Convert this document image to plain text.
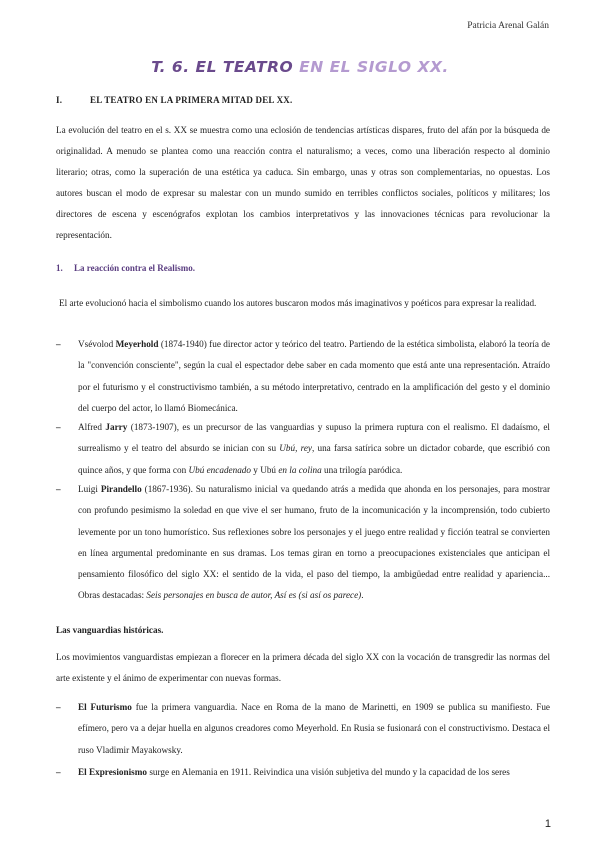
Patricia Arenal Galán
T. 6. EL TEATRO EN EL SIGLO XX.
I.	EL TEATRO EN LA PRIMERA MITAD DEL XX.

La evolución del teatro en el s. XX se muestra como una eclosión de tendencias artísticas dispares, fruto del afán por la búsqueda de originalidad. A menudo se plantea como una reacción contra el naturalismo; a veces, como una liberación respecto al dominio literario; otras, como la superación de una estética ya caduca. Sin embargo, unas y otras son complementarias, no opuestas. Los autores buscan el modo de expresar su malestar con un mundo sumido en terribles conflictos sociales, políticos y militares; los directores de escena y escenógrafos explotan los cambios interpretativos y las innovaciones técnicas para revolucionar la representación.

1. La reacción contra el Realismo.

El arte evolucionó hacia el simbolismo cuando los autores buscaron modos más imaginativos y poéticos para expresar la realidad.

– Vsévolod Meyerhold (1874-1940) fue director actor y teórico del teatro. Partiendo de la estética simbolista, elaboró la teoría de la "convención consciente", según la cual el espectador debe saber en cada momento que está ante una representación. Atraído por el futurismo y el constructivismo también, a su método interpretativo, centrado en la amplificación del gesto y el dominio del cuerpo del actor, lo llamó Biomecánica.
– Alfred Jarry (1873-1907), es un precursor de las vanguardias y supuso la primera ruptura con el realismo. El dadaísmo, el surrealismo y el teatro del absurdo se inician con su Ubú, rey, una farsa satírica sobre un dictador cobarde, que escribió con quince años, y que forma con Ubú encadenado y Ubú en la colina una trilogía paródica.
– Luigi Pirandello (1867-1936). Su naturalismo inicial va quedando atrás a medida que ahonda en los personajes, para mostrar con profundo pesimismo la soledad en que vive el ser humano, fruto de la incomunicación y la incomprensión, todo cubierto levemente por un tono humorístico. Sus reflexiones sobre los personajes y el juego entre realidad y ficción teatral se convierten en línea argumental predominante en sus dramas. Los temas giran en torno a preocupaciones existenciales que anticipan el pensamiento filosófico del siglo XX: el sentido de la vida, el paso del tiempo, la ambigüedad entre realidad y apariencia... Obras destacadas: Seis personajes en busca de autor, Así es (si así os parece).
Las vanguardias históricas.

Los movimientos vanguardistas empiezan a florecer en la primera década del siglo XX con la vocación de transgredir las normas del arte existente y el ánimo de experimentar con nuevas formas.

– El Futurismo fue la primera vanguardia. Nace en Roma de la mano de Marinetti, en 1909 se publica su manifiesto. Fue efímero, pero va a dejar huella en algunos creadores como Meyerhold. En Rusia se fusionará con el constructivismo. Destaca el ruso Vladimir Mayakowsky.
– El Expresionismo surge en Alemania en 1911. Reivindica una visión subjetiva del mundo y la capacidad de los seres
1
